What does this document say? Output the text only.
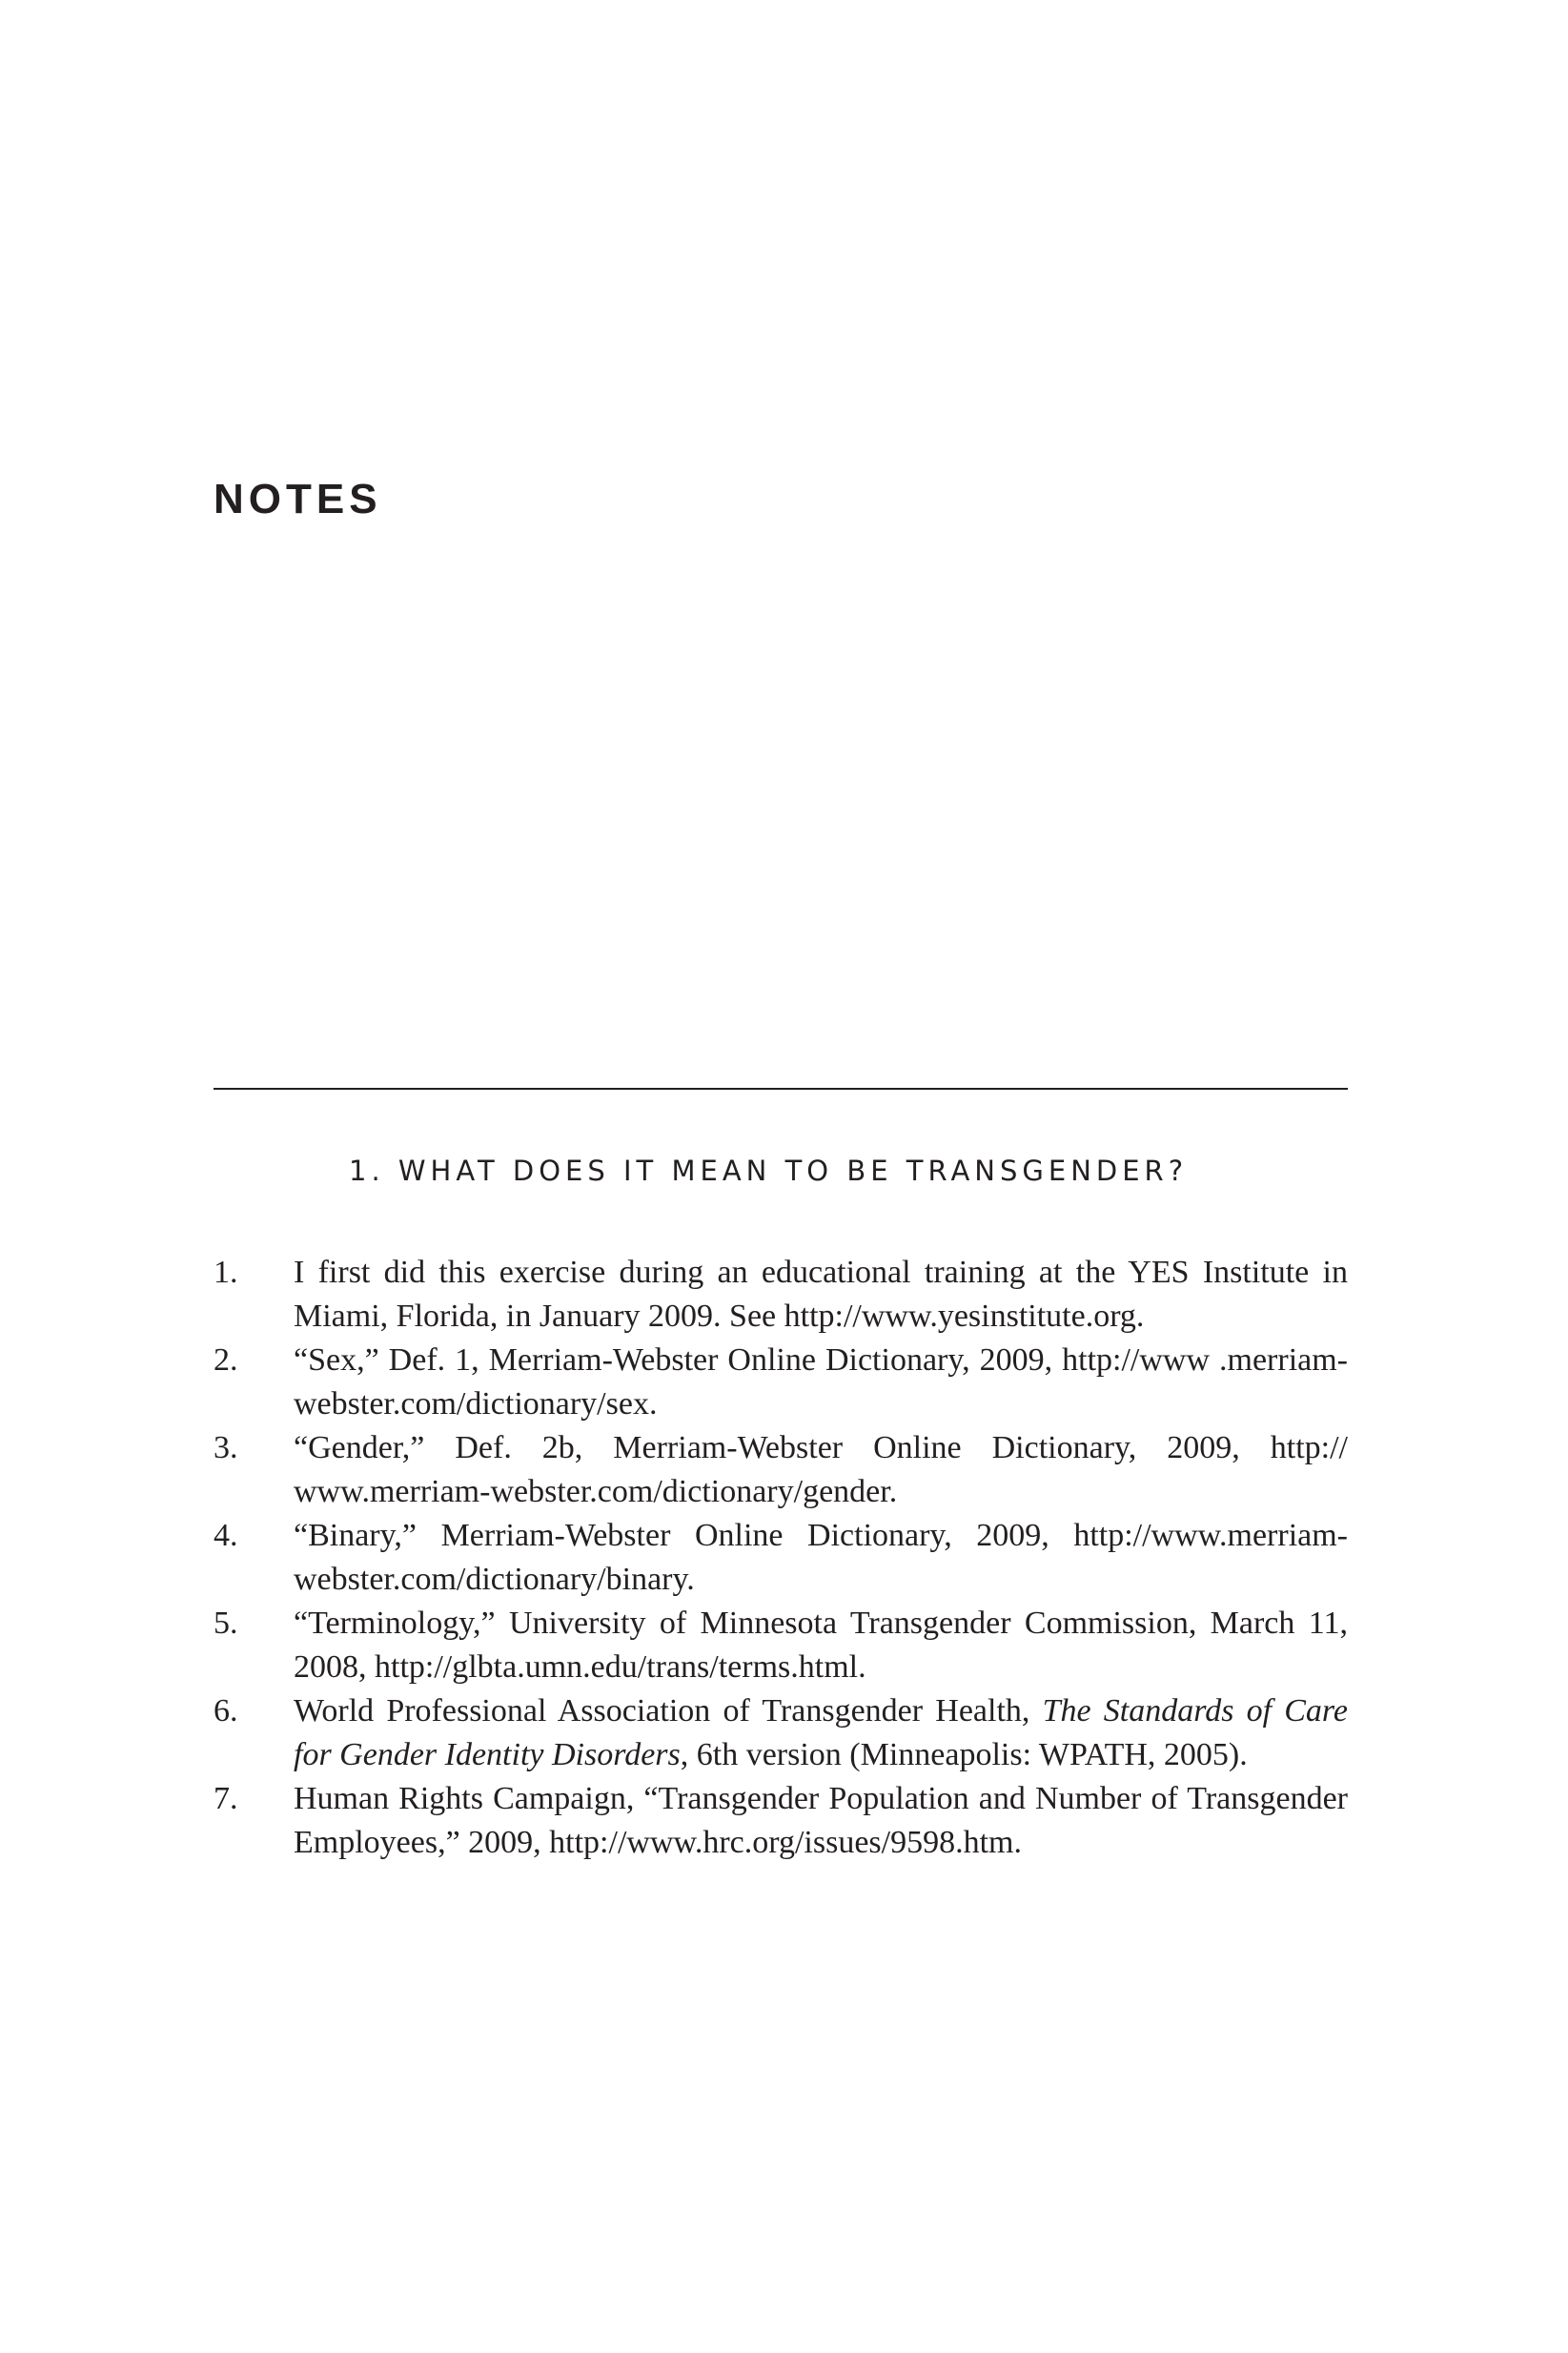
NOTES
1. WHAT DOES IT MEAN TO BE TRANSGENDER?
1.	I first did this exercise during an educational training at the YES Institute in Miami, Florida, in January 2009. See http://www.yesinstitute.org.
2.	“Sex,” Def. 1, Merriam-Webster Online Dictionary, 2009, http://www .merriam-webster.com/dictionary/sex.
3.	“Gender,” Def. 2b, Merriam-Webster Online Dictionary, 2009, http:// www.merriam-webster.com/dictionary/gender.
4.	“Binary,” Merriam-Webster Online Dictionary, 2009, http://www.merriam-webster.com/dictionary/binary.
5.	“Terminology,” University of Minnesota Transgender Commission, March 11, 2008, http://glbta.umn.edu/trans/terms.html.
6.	World Professional Association of Transgender Health, The Standards of Care for Gender Identity Disorders, 6th version (Minneapolis: WPATH, 2005).
7.	Human Rights Campaign, “Transgender Population and Number of Transgender Employees,” 2009, http://www.hrc.org/issues/9598.htm.
